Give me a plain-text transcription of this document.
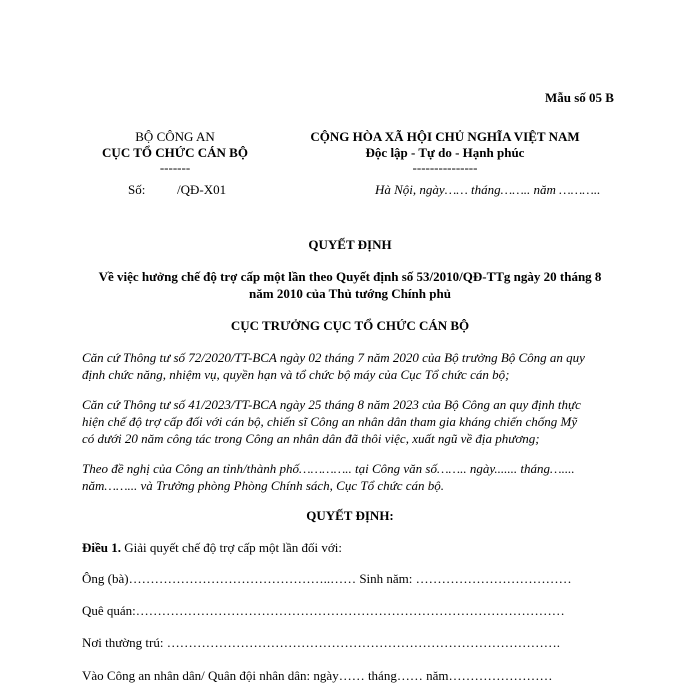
Mẫu số 05 B
BỘ CÔNG AN
CỤC TỔ CHỨC CÁN BỘ
-------
Số: /QĐ-X01
CỘNG HÒA XÃ HỘI CHỦ NGHĨA VIỆT NAM
Độc lập - Tự do - Hạnh phúc
---------------
Hà Nội, ngày…… tháng…….. năm ………..
QUYẾT ĐỊNH
Về việc hưởng chế độ trợ cấp một lần theo Quyết định số 53/2010/QĐ-TTg ngày 20 tháng 8
năm 2010 của Thủ tướng Chính phủ
CỤC TRƯỞNG CỤC TỔ CHỨC CÁN BỘ
Căn cứ Thông tư số 72/2020/TT-BCA ngày 02 tháng 7 năm 2020 của Bộ trưởng Bộ Công an quy
định chức năng, nhiệm vụ, quyền hạn và tổ chức bộ máy của Cục Tổ chức cán bộ;
Căn cứ Thông tư số 41/2023/TT-BCA ngày 25 tháng 8 năm 2023 của Bộ Công an quy định thực
hiện chế độ trợ cấp đối với cán bộ, chiến sĩ Công an nhân dân tham gia kháng chiến chống Mỹ
có dưới 20 năm công tác trong Công an nhân dân đã thôi việc, xuất ngũ về địa phương;
Theo đề nghị của Công an tỉnh/thành phố………….. tại Công văn số…….. ngày....... tháng…....
năm……... và Trưởng phòng Phòng Chính sách, Cục Tổ chức cán bộ.
QUYẾT ĐỊNH:
Điều 1. Giải quyết chế độ trợ cấp một lần đối với:
Ông (bà)………………………………………..…… Sinh năm: ………………………………
Quê quán:………………………………………………………………………………………
Nơi thường trú: ……………………………………………………………………………….
Vào Công an nhân dân/ Quân đội nhân dân: ngày…… tháng…… năm……………………
